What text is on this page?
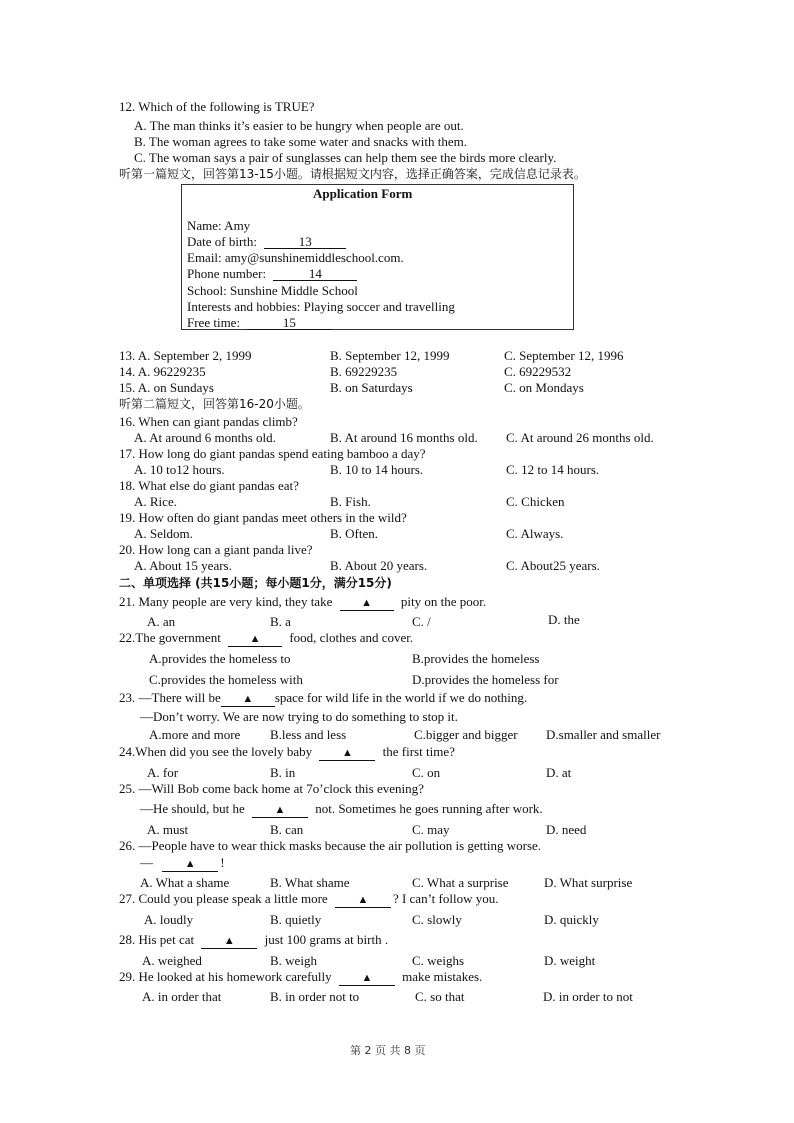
12. Which of the following is TRUE?
A. The man thinks it’s easier to be hungry when people are out.
B. The woman agrees to take some water and snacks with them.
C. The woman says a pair of sunglasses can help them see the birds more clearly.
听第一篇短文，回答第13-15小题。请根据短文内容，选择正确答案，完成信息记录表。
Application Form
Name: Amy
Date of birth:	13
Email: amy@sunshinemiddleschool.com.
Phone number:	14
School: Sunshine Middle School
Interests and hobbies: Playing soccer and travelling
Free time:	15
13. A. September 2, 1999	B. September 12, 1999	C. September 12, 1996
14. A. 96229235	B. 69229235	C. 69229532
15. A. on Sundays	B. on Saturdays	C. on Mondays
听第二篇短文，回答第16-20小题。
16. When can giant pandas climb?
A. At around 6 months old.	B. At around 16 months old. C. At around 26 months old.
17. How long do giant pandas spend eating bamboo a day?
A. 10 to12 hours.	B. 10 to 14 hours.	C. 12 to 14 hours.
18. What else do giant pandas eat?
A. Rice.	B. Fish.	C. Chicken
19. How often do giant pandas meet others in the wild?
A. Seldom.	B. Often.	C. Always.
20. How long can a giant panda live?
A. About 15 years.	B. About 20 years.	C. About25 years.
二、单项选择 (共15小题；每小题1分，满分15分)
21. Many people are very kind, they take	▲ pity on the poor.
A. an	B. a	C. /	D. the
22.The government	▲ food, clothes and cover.
A.provides the homeless to	B.provides the homeless
C.provides the homeless with	D.provides the homeless for
23. —There will be ▲ space for wild life in the world if we do nothing.
—Don’t worry. We are now trying to do something to stop it.
A.more and more B.less and less	C.bigger and bigger D.smaller and smaller
24.When did you see the lovely baby	▲ the first time?
A. for	B. in	C. on	D. at
25. —Will Bob come back home at 7o’clock this evening?
—He should, but he	▲ not. Sometimes he goes running after work.
A. must	B. can	C. may	D. need
26. —People have to wear thick masks because the air pollution is getting worse.
—	▲ !
A. What a shame	B. What shame	C. What a surprise	D. What surprise
27. Could you please speak a little more	▲ ? I can’t follow you.
A. loudly	B. quietly	C. slowly	D. quickly
28. His pet cat	▲ just 100 grams at birth .
A. weighed	B. weigh	C. weighs	D. weight
29. He looked at his homework carefully	▲ make mistakes.
A. in order that	B. in order not to	C. so that	D. in order to not
第 2 页 共 8 页
